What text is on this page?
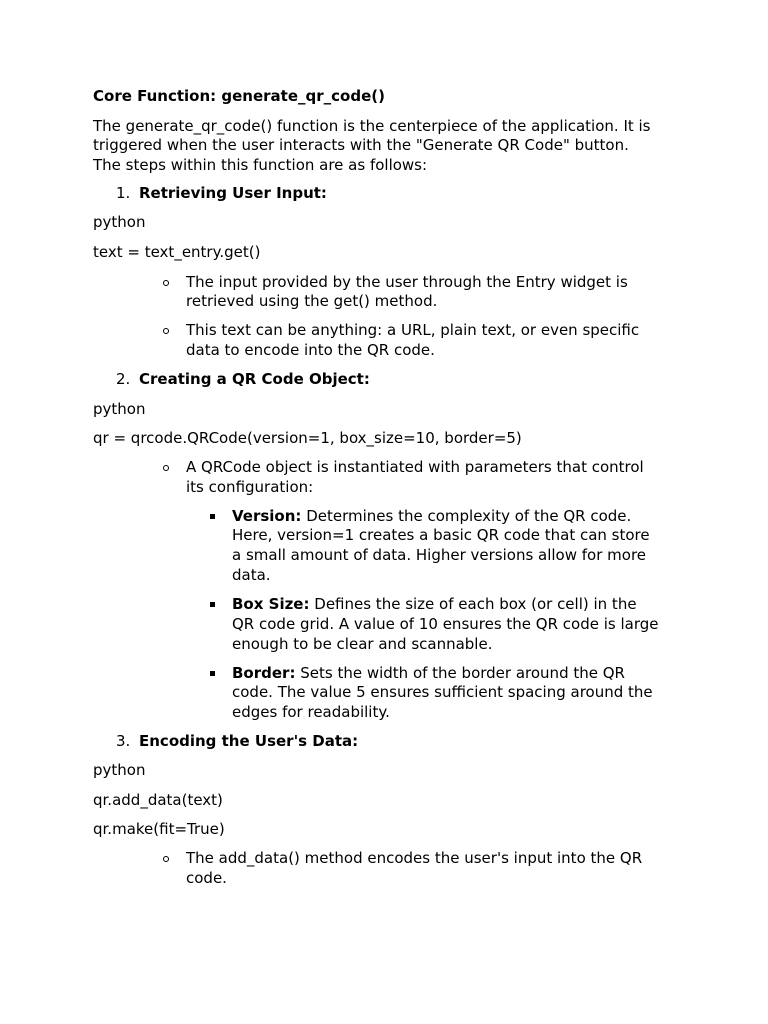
Core Function: generate_qr_code()
The generate_qr_code() function is the centerpiece of the application. It is
triggered when the user interacts with the "Generate QR Code" button.
The steps within this function are as follows:
1. Retrieving User Input:
python
text = text_entry.get()
The input provided by the user through the Entry widget is
retrieved using the get() method.
This text can be anything: a URL, plain text, or even specific
data to encode into the QR code.
2. Creating a QR Code Object:
python
qr = qrcode.QRCode(version=1, box_size=10, border=5)
A QRCode object is instantiated with parameters that control
its configuration:
Version: Determines the complexity of the QR code.
Here, version=1 creates a basic QR code that can store
a small amount of data. Higher versions allow for more
data.
Box Size: Defines the size of each box (or cell) in the
QR code grid. A value of 10 ensures the QR code is large
enough to be clear and scannable.
Border: Sets the width of the border around the QR
code. The value 5 ensures sufficient spacing around the
edges for readability.
3. Encoding the User's Data:
python
qr.add_data(text)
qr.make(fit=True)
The add_data() method encodes the user's input into the QR
code.
